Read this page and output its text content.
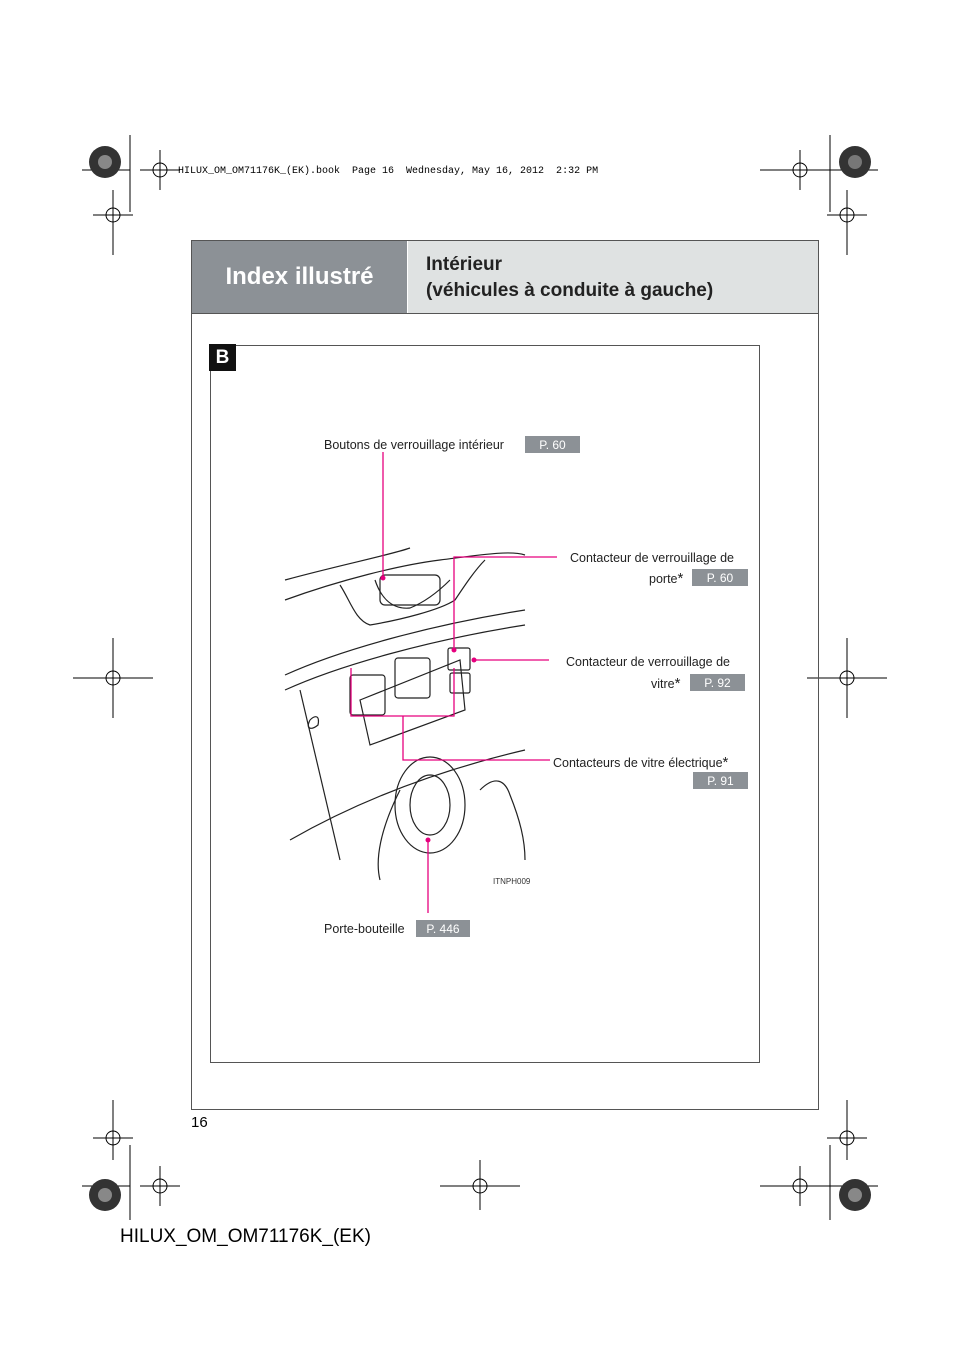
HILUX_OM_OM71176K_(EK).book  Page 16  Wednesday, May 16, 2012  2:32 PM
Index illustré	Intérieur
(véhicules à conduite à gauche)
B
ITNPH009
Boutons de verrouillage intérieur	P. 60
Contacteur de verrouillage de
porte*	P. 60
Contacteur de verrouillage de
vitre*	P. 92
Contacteurs de vitre électrique*
P. 91
Porte-bouteille	P. 446
16
HILUX_OM_OM71176K_(EK)
